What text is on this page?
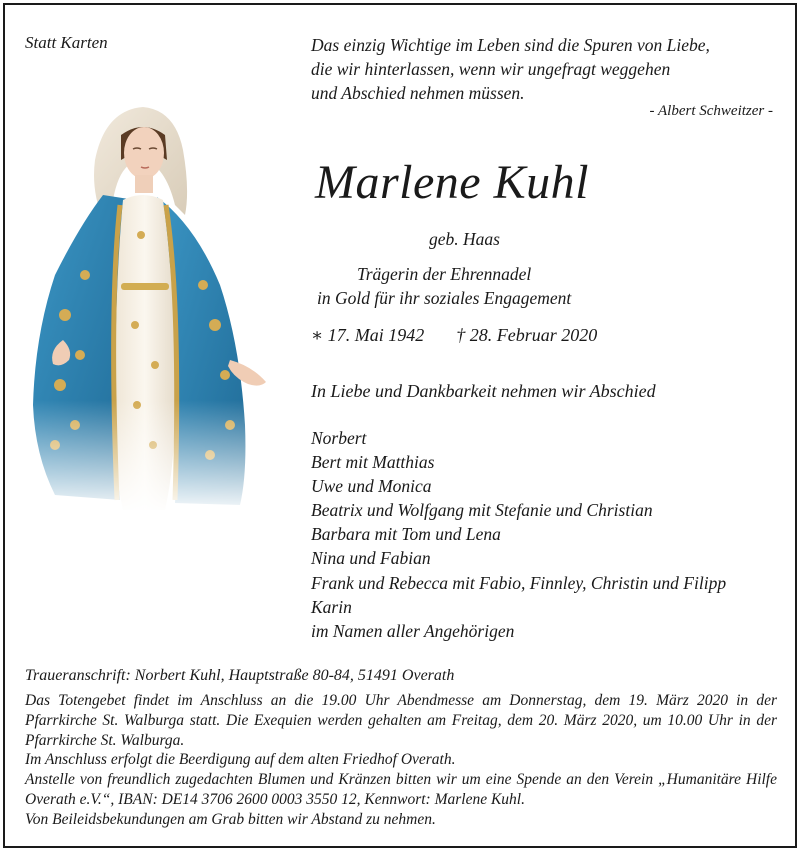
Statt Karten	Das einzig Wichtige im Leben sind die Spuren von Liebe,
die wir hinterlassen, wenn wir ungefragt weggehen
und Abschied nehmen müssen.
- Albert Schweitzer -
Marlene Kuhl
geb. Haas
Trägerin der Ehrennadel
in Gold für ihr soziales Engagement
∗ 17. Mai 1942 † 28. Februar 2020
In Liebe und Dankbarkeit nehmen wir Abschied
Norbert
Bert mit Matthias
Uwe und Monica
Beatrix und Wolfgang mit Stefanie und Christian
Barbara mit Tom und Lena
Nina und Fabian
Frank und Rebecca mit Fabio, Finnley, Christin und Filipp
Karin
im Namen aller Angehörigen
Traueranschrift: Norbert Kuhl, Hauptstraße 80-84, 51491 Overath

Das Totengebet findet im Anschluss an die 19.00 Uhr Abendmesse am Donnerstag, dem 19. März 2020 in der Pfarrkirche St. Walburga statt. Die Exequien werden gehalten am Freitag, dem 20. März 2020, um 10.00 Uhr in der Pfarrkirche St. Walburga.

Im Anschluss erfolgt die Beerdigung auf dem alten Friedhof Overath.

Anstelle von freundlich zugedachten Blumen und Kränzen bitten wir um eine Spende an den Verein „Humanitäre Hilfe Overath e.V.“, IBAN: DE14 3706 2600 0003 3550 12, Kennwort: Marlene Kuhl.

Von Beileidsbekundungen am Grab bitten wir Abstand zu nehmen.
